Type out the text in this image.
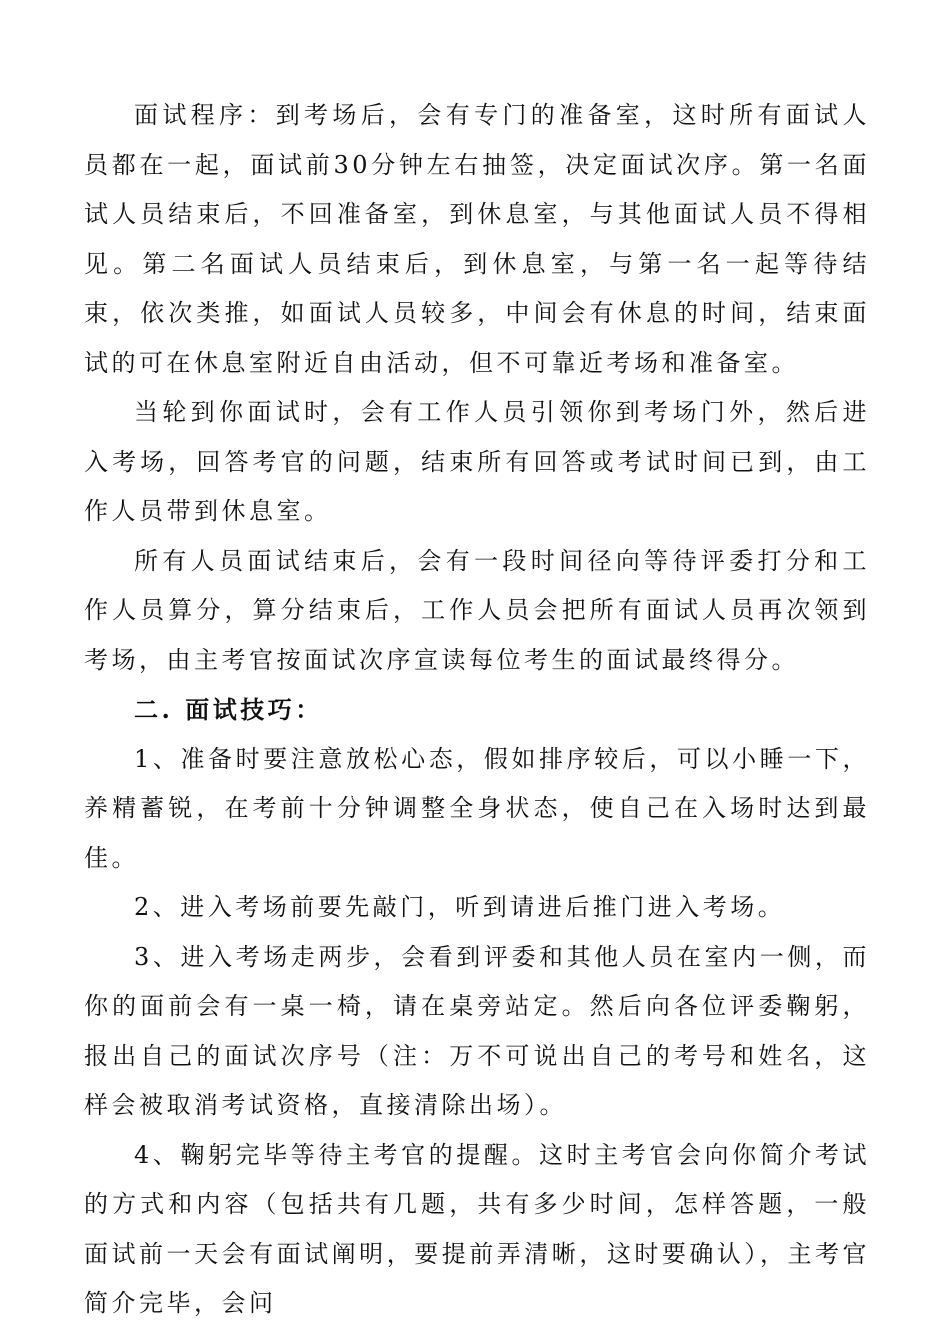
面试程序：到考场后，会有专门的准备室，这时所有面试人员都在一起，面试前30分钟左右抽签，决定面试次序。第一名面试人员结束后，不回准备室，到休息室，与其他面试人员不得相见。第二名面试人员结束后，到休息室，与第一名一起等待结束，依次类推，如面试人员较多，中间会有休息的时间，结束面试的可在休息室附近自由活动，但不可靠近考场和准备室。

当轮到你面试时，会有工作人员引领你到考场门外，然后进入考场，回答考官的问题，结束所有回答或考试时间已到，由工作人员带到休息室。

所有人员面试结束后，会有一段时间径向等待评委打分和工作人员算分，算分结束后，工作人员会把所有面试人员再次领到考场，由主考官按面试次序宣读每位考生的面试最终得分。

二. 面试技巧：

1、准备时要注意放松心态，假如排序较后，可以小睡一下，养精蓄锐，在考前十分钟调整全身状态，使自己在入场时达到最佳。

2、进入考场前要先敲门，听到请进后推门进入考场。

3、进入考场走两步，会看到评委和其他人员在室内一侧，而你的面前会有一桌一椅，请在桌旁站定。然后向各位评委鞠躬，报出自己的面试次序号（注：万不可说出自己的考号和姓名，这样会被取消考试资格，直接清除出场）。

4、鞠躬完毕等待主考官的提醒。这时主考官会向你简介考试的方式和内容（包括共有几题，共有多少时间，怎样答题，一般面试前一天会有面试阐明，要提前弄清晰，这时要确认），主考官简介完毕，会问
